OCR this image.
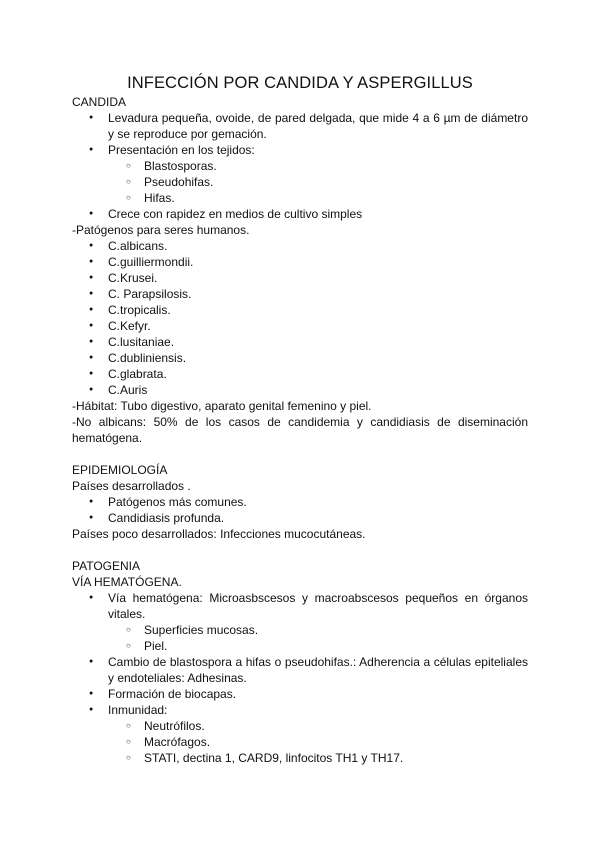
INFECCIÓN POR CANDIDA Y ASPERGILLUS
CANDIDA
● Levadura pequeña, ovoide, de pared delgada, que mide 4 a 6 µm de diámetro y se reproduce por gemación.
● Presentación en los tejidos:
○ Blastosporas.
○ Pseudohifas.
○ Hifas.
● Crece con rapidez en medios de cultivo simples
-Patógenos para seres humanos.
● C.albicans.
● C.guilliermondii.
● C.Krusei.
● C. Parapsilosis.
● C.tropicalis.
● C.Kefyr.
● C.lusitaniae.
● C.dubliniensis.
● C.glabrata.
● C.Auris
-Hábitat: Tubo digestivo, aparato genital femenino y piel.
-No albicans: 50% de los casos de candidemia y candidiasis de diseminación hematógena.
EPIDEMIOLOGÍA
Países desarrollados .
● Patógenos más comunes.
● Candidiasis profunda.
Países poco desarrollados: Infecciones mucocutáneas.
PATOGENIA
VÍA HEMATÓGENA.
● Vía hematógena: Microasbscesos y macroabscesos pequeños en órganos vitales.
○ Superficies mucosas.
○ Piel.
● Cambio de blastospora a hifas o pseudohifas.: Adherencia a células epiteliales y endoteliales: Adhesinas.
● Formación de biocapas.
● Inmunidad:
○ Neutrófilos.
○ Macrófagos.
○ STATI, dectina 1, CARD9, linfocitos TH1 y TH17.
